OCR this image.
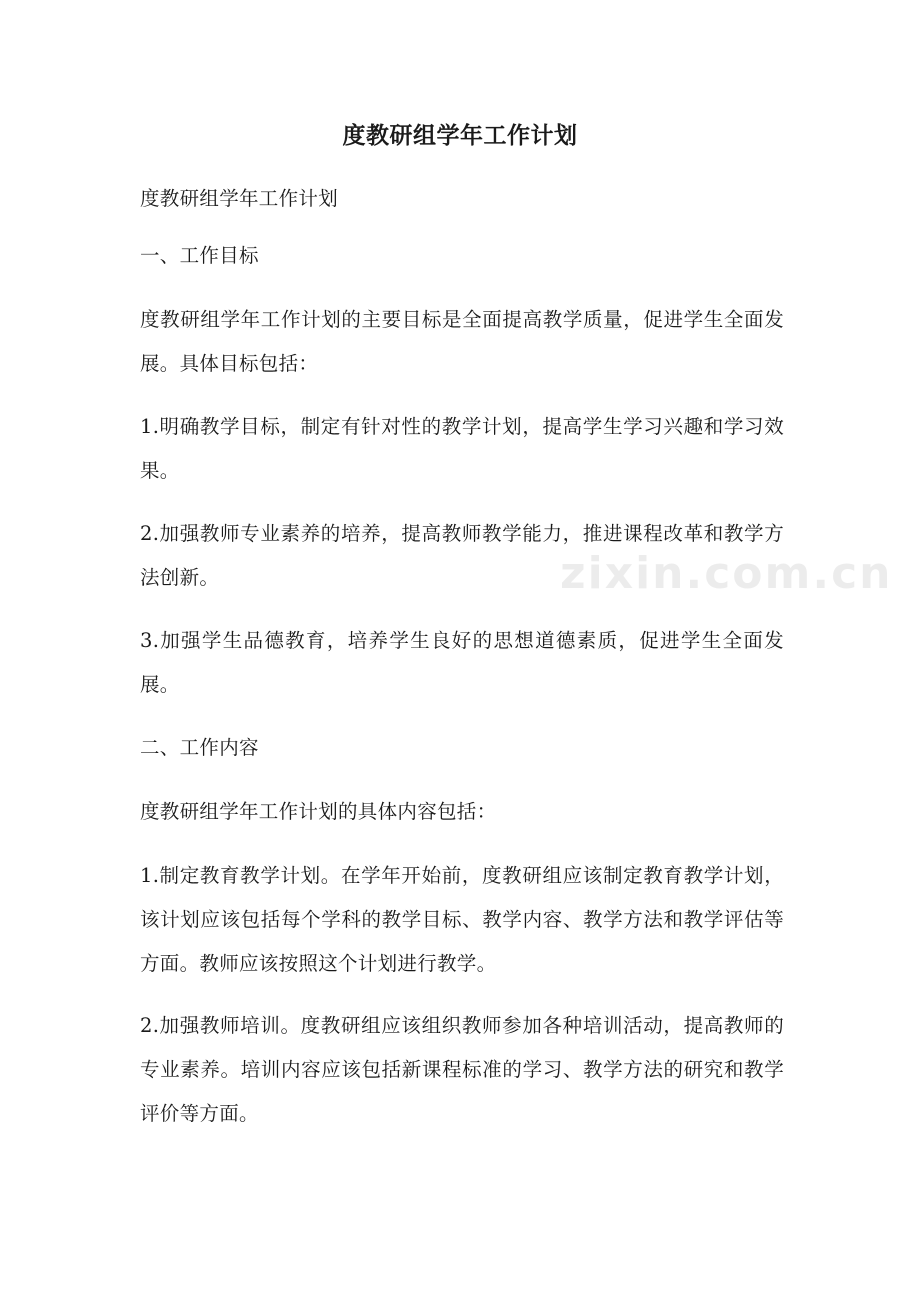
度教研组学年工作计划

度教研组学年工作计划

一、工作目标

度教研组学年工作计划的主要目标是全面提高教学质量，促进学生全面发展。具体目标包括：

1.明确教学目标，制定有针对性的教学计划，提高学生学习兴趣和学习效果。

2.加强教师专业素养的培养，提高教师教学能力，推进课程改革和教学方法创新。

3.加强学生品德教育，培养学生良好的思想道德素质，促进学生全面发展。

二、工作内容

度教研组学年工作计划的具体内容包括：

1.制定教育教学计划。在学年开始前，度教研组应该制定教育教学计划，该计划应该包括每个学科的教学目标、教学内容、教学方法和教学评估等方面。教师应该按照这个计划进行教学。

2.加强教师培训。度教研组应该组织教师参加各种培训活动，提高教师的专业素养。培训内容应该包括新课程标准的学习、教学方法的研究和教学评价等方面。

zixin.com.cn
